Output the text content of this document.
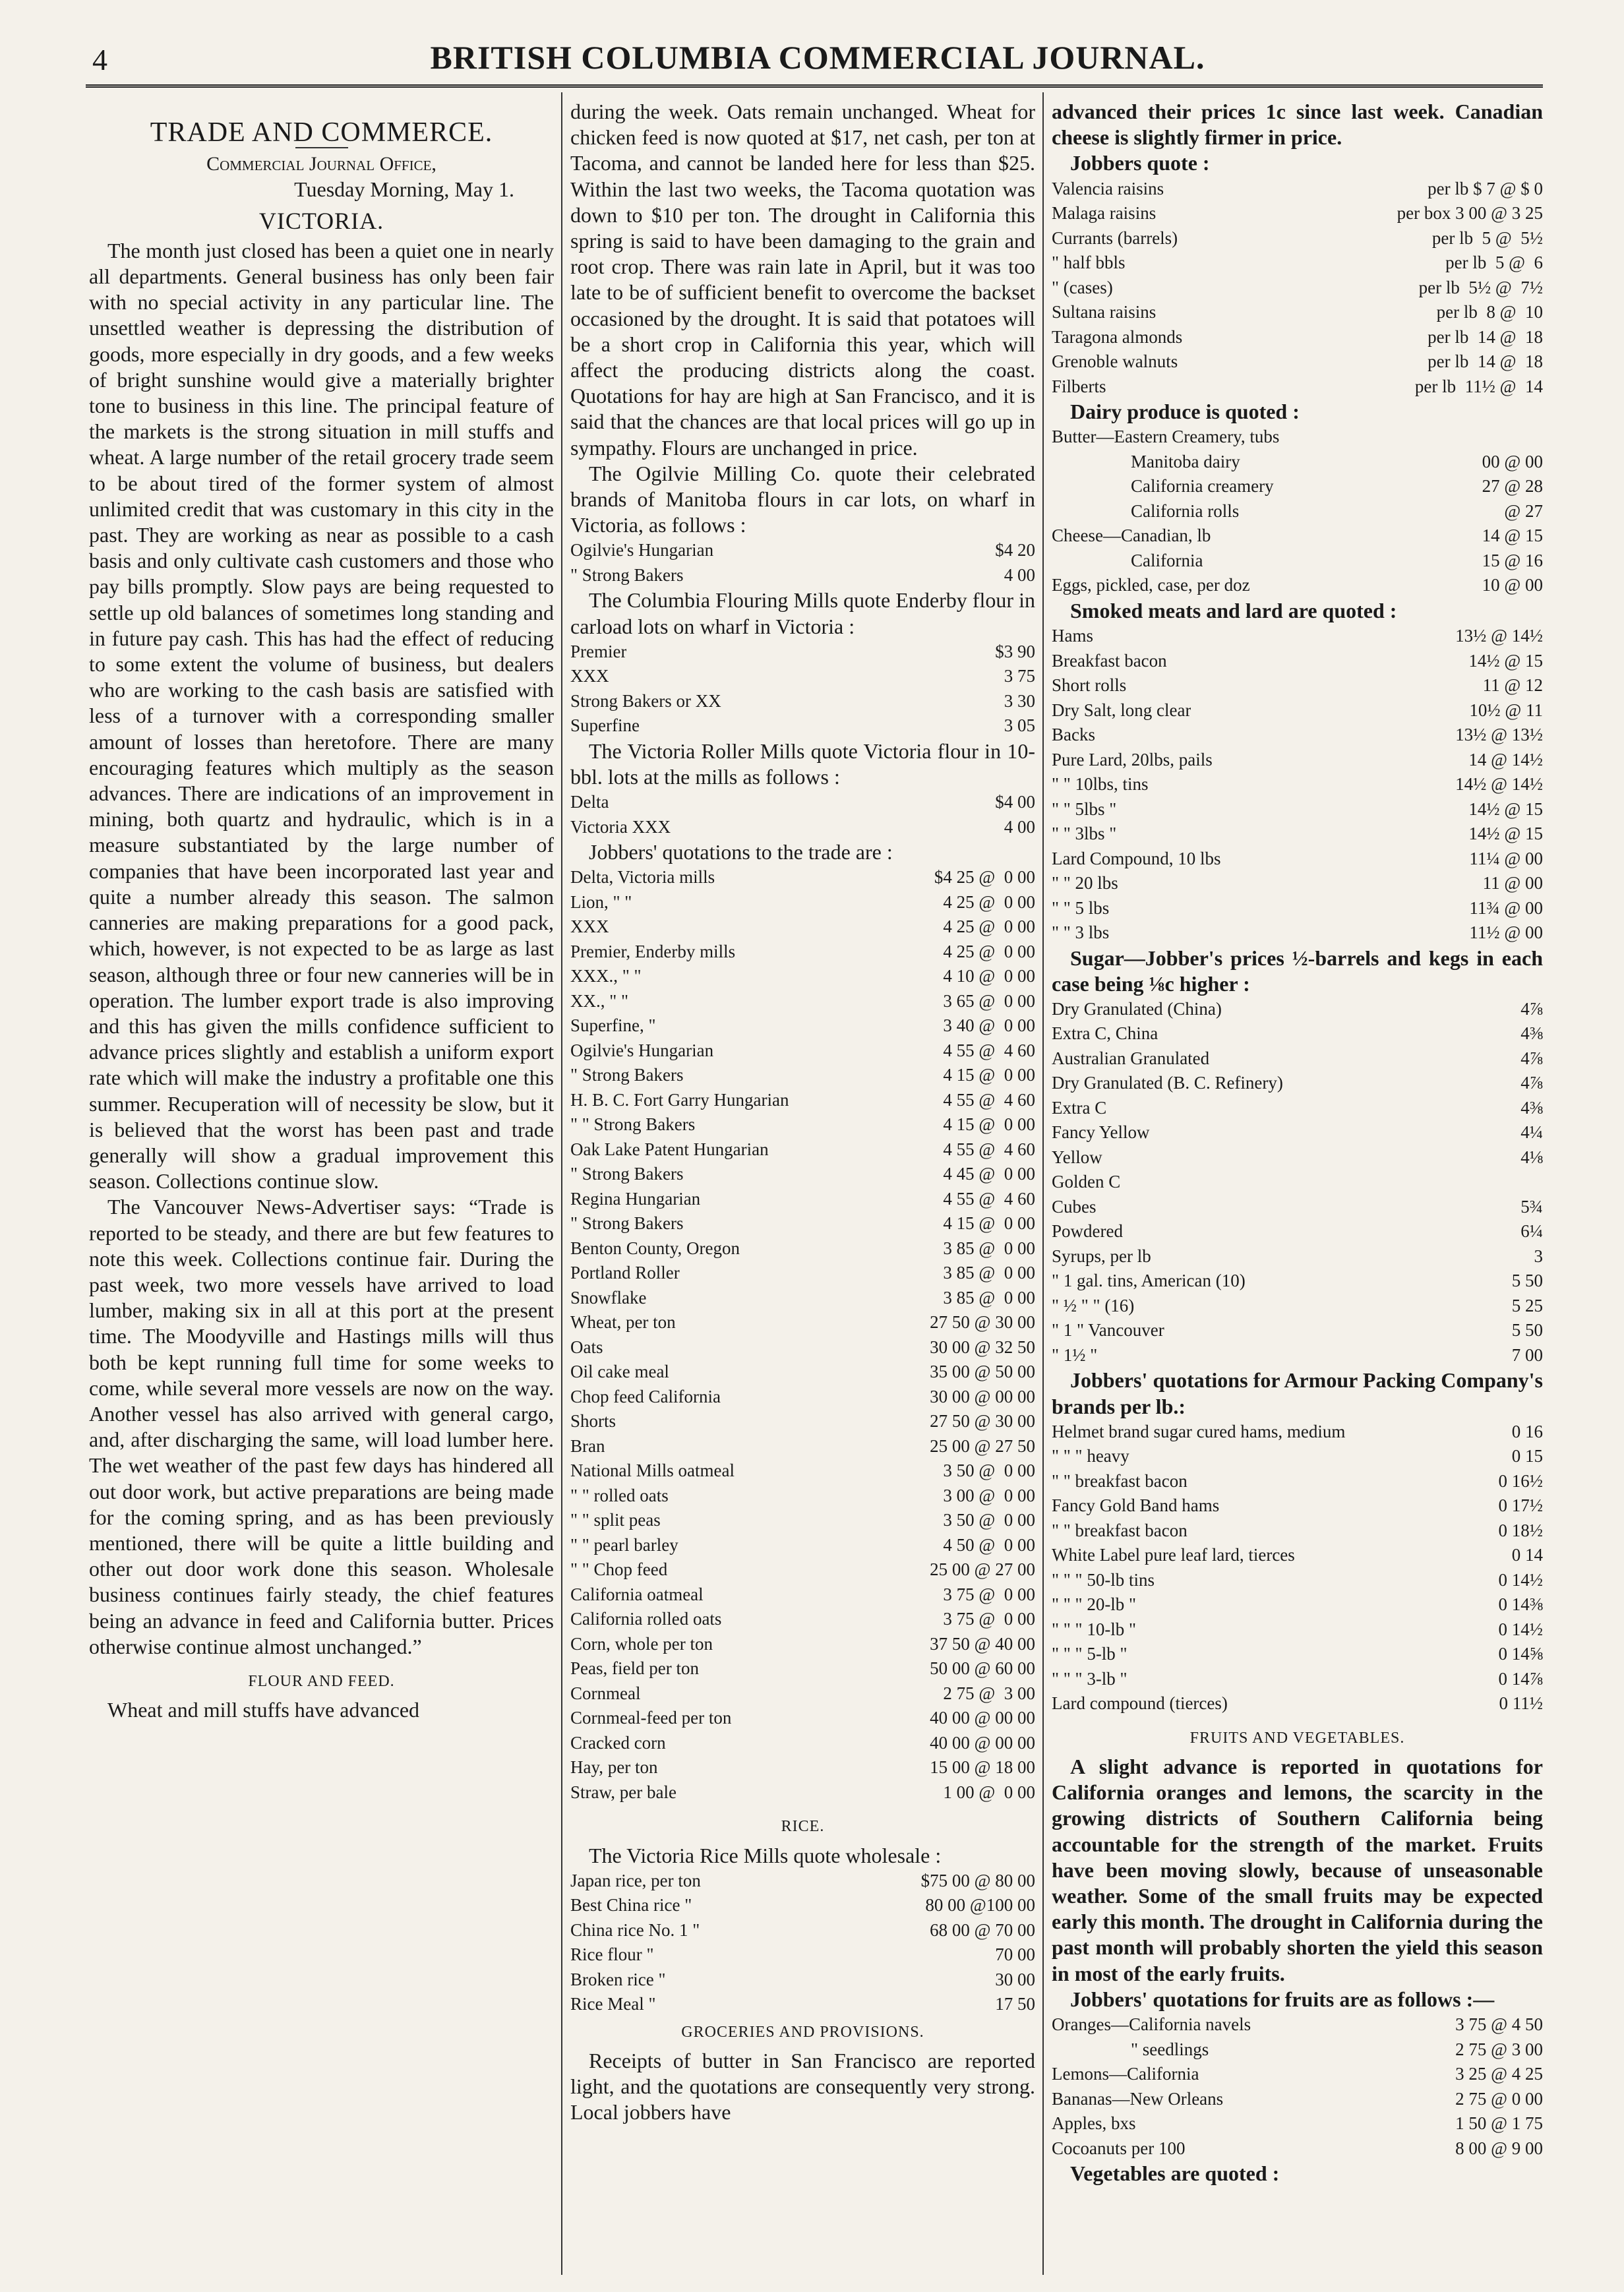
4	BRITISH COLUMBIA COMMERCIAL JOURNAL.
TRADE AND COMMERCE.
Commercial Journal Office,
Tuesday Morning, May 1.
VICTORIA.

The month just closed has been a quiet one in nearly all departments. General business has only been fair with no special activity in any particular line. The unsettled weather is depressing the distribution of goods, more especially in dry goods, and a few weeks of bright sunshine would give a materially brighter tone to business in this line. The principal feature of the markets is the strong situation in mill stuffs and wheat. A large number of the retail grocery trade seem to be about tired of the former system of almost unlimited credit that was customary in this city in the past. They are working as near as possible to a cash basis and only cultivate cash customers and those who pay bills promptly. Slow pays are being requested to settle up old balances of sometimes long standing and in future pay cash. This has had the effect of reducing to some extent the volume of business, but dealers who are working to the cash basis are satisfied with less of a turnover with a corresponding smaller amount of losses than heretofore. There are many encouraging features which multiply as the season advances. There are indications of an improvement in mining, both quartz and hydraulic, which is in a measure substantiated by the large number of companies that have been incorporated last year and quite a number already this season. The salmon canneries are making preparations for a good pack, which, however, is not expected to be as large as last season, although three or four new canneries will be in operation. The lumber export trade is also improving and this has given the mills confidence sufficient to advance prices slightly and establish a uniform export rate which will make the industry a profitable one this summer. Recuperation will of necessity be slow, but it is believed that the worst has been past and trade generally will show a gradual improvement this season. Collections continue slow.

The Vancouver News-Advertiser says: “Trade is reported to be steady, and there are but few features to note this week. Collections continue fair. During the past week, two more vessels have arrived to load lumber, making six in all at this port at the present time. The Moodyville and Hastings mills will thus both be kept running full time for some weeks to come, while several more vessels are now on the way. Another vessel has also arrived with general cargo, and, after discharging the same, will load lumber here. The wet weather of the past few days has hindered all out door work, but active preparations are being made for the coming spring, and as has been previously mentioned, there will be quite a little building and other out door work done this season. Wholesale business continues fairly steady, the chief features being an advance in feed and California butter. Prices otherwise continue almost unchanged.”

FLOUR AND FEED.

Wheat and mill stuffs have advanced

during the week. Oats remain unchanged. Wheat for chicken feed is now quoted at $17, net cash, per ton at Tacoma, and cannot be landed here for less than $25. Within the last two weeks, the Tacoma quotation was down to $10 per ton. The drought in California this spring is said to have been damaging to the grain and root crop. There was rain late in April, but it was too late to be of sufficient benefit to overcome the backset occasioned by the drought. It is said that potatoes will be a short crop in California this year, which will affect the producing districts along the coast. Quotations for hay are high at San Francisco, and it is said that the chances are that local prices will go up in sympathy. Flours are unchanged in price.

The Ogilvie Milling Co. quote their celebrated brands of Manitoba flours in car lots, on wharf in Victoria, as follows :

Ogilvie's Hungarian	$4 20
" Strong Bakers	4 00

The Columbia Flouring Mills quote Enderby flour in carload lots on wharf in Victoria :

Premier	$3 90
XXX	3 75
Strong Bakers or XX	3 30
Superfine	3 05

The Victoria Roller Mills quote Victoria flour in 10-bbl. lots at the mills as follows :

Delta	$4 00
Victoria XXX	4 00

Jobbers' quotations to the trade are :

Delta, Victoria mills	$4 25 @  0 00
Lion, " "	4 25 @  0 00
XXX	4 25 @  0 00
Premier, Enderby mills	4 25 @  0 00
XXX., " "	4 10 @  0 00
XX., " "	3 65 @  0 00
Superfine, "	3 40 @  0 00
Ogilvie's Hungarian	4 55 @  4 60
" Strong Bakers	4 15 @  0 00
H. B. C. Fort Garry Hungarian	4 55 @  4 60
" " Strong Bakers	4 15 @  0 00
Oak Lake Patent Hungarian	4 55 @  4 60
" Strong Bakers	4 45 @  0 00
Regina Hungarian	4 55 @  4 60
" Strong Bakers	4 15 @  0 00
Benton County, Oregon	3 85 @  0 00
Portland Roller	3 85 @  0 00
Snowflake	3 85 @  0 00
Wheat, per ton	27 50 @ 30 00
Oats	30 00 @ 32 50
Oil cake meal	35 00 @ 50 00
Chop feed California	30 00 @ 00 00
Shorts	27 50 @ 30 00
Bran	25 00 @ 27 50
National Mills oatmeal	3 50 @  0 00
" " rolled oats	3 00 @  0 00
" " split peas	3 50 @  0 00
" " pearl barley	4 50 @  0 00
" " Chop feed	25 00 @ 27 00
California oatmeal	3 75 @  0 00
California rolled oats	3 75 @  0 00
Corn, whole per ton	37 50 @ 40 00
Peas, field per ton	50 00 @ 60 00
Cornmeal	2 75 @  3 00
Cornmeal-feed per ton	40 00 @ 00 00
Cracked corn	40 00 @ 00 00
Hay, per ton	15 00 @ 18 00
Straw, per bale	1 00 @  0 00
RICE.

The Victoria Rice Mills quote wholesale :

Japan rice, per ton	$75 00 @ 80 00
Best China rice "	80 00 @100 00
China rice No. 1 "	68 00 @ 70 00
Rice flour "	70 00
Broken rice "	30 00
Rice Meal "	17 50
GROCERIES AND PROVISIONS.

Receipts of butter in San Francisco are reported light, and the quotations are consequently very strong. Local jobbers have

advanced their prices 1c since last week. Canadian cheese is slightly firmer in price.

Jobbers quote :

Valencia raisins	per lb $ 7 @ $ 0
Malaga raisins	per box 3 00 @ 3 25
Currants (barrels)	per lb  5 @  5½
" half bbls	per lb  5 @  6
" (cases)	per lb  5½ @  7½
Sultana raisins	per lb  8 @  10
Taragona almonds	per lb  14 @  18
Grenoble walnuts	per lb  14 @  18
Filberts	per lb  11½ @  14

Dairy produce is quoted :

Butter—Eastern Creamery, tubs
Manitoba dairy	00 @ 00
California creamery	27 @ 28
California rolls	@ 27
Cheese—Canadian, lb	14 @ 15
California	15 @ 16
Eggs, pickled, case, per doz	10 @ 00

Smoked meats and lard are quoted :

Hams	13½ @ 14½
Breakfast bacon	14½ @ 15
Short rolls	11 @ 12
Dry Salt, long clear	10½ @ 11
Backs	13½ @ 13½
Pure Lard, 20lbs, pails	14 @ 14½
" " 10lbs, tins	14½ @ 14½
" " 5lbs "	14½ @ 15
" " 3lbs "	14½ @ 15
Lard Compound, 10 lbs	11¼ @ 00
" " 20 lbs	11 @ 00
" " 5 lbs	11¾ @ 00
" " 3 lbs	11½ @ 00

Sugar—Jobber's prices ½-barrels and kegs in each case being ⅛c higher :

Dry Granulated (China)	4⅞
Extra C, China	4⅜
Australian Granulated	4⅞
Dry Granulated (B. C. Refinery)	4⅞
Extra C	4⅜
Fancy Yellow	4¼
Yellow	4⅛
Golden C
Cubes	5¾
Powdered	6¼
Syrups, per lb	3
" 1 gal. tins, American (10)	5 50
" ½ " " (16)	5 25
" 1 " Vancouver	5 50
" 1½ "	7 00

Jobbers' quotations for Armour Packing Company's brands per lb.:

Helmet brand sugar cured hams, medium	0 16
" " " heavy	0 15
" " breakfast bacon	0 16½
Fancy Gold Band hams	0 17½
" " breakfast bacon	0 18½
White Label pure leaf lard, tierces	0 14
" " " 50-lb tins	0 14½
" " " 20-lb "	0 14⅜
" " " 10-lb "	0 14½
" " " 5-lb "	0 14⅝
" " " 3-lb "	0 14⅞
Lard compound (tierces)	0 11½
FRUITS AND VEGETABLES.

A slight advance is reported in quotations for California oranges and lemons, the scarcity in the growing districts of Southern California being accountable for the strength of the market. Fruits have been moving slowly, because of unseasonable weather. Some of the small fruits may be expected early this month. The drought in California during the past month will probably shorten the yield this season in most of the early fruits.

Jobbers' quotations for fruits are as follows :—

Oranges—California navels	3 75 @ 4 50
" seedlings	2 75 @ 3 00
Lemons—California	3 25 @ 4 25
Bananas—New Orleans	2 75 @ 0 00
Apples, bxs	1 50 @ 1 75
Cocoanuts per 100	8 00 @ 9 00

Vegetables are quoted :
